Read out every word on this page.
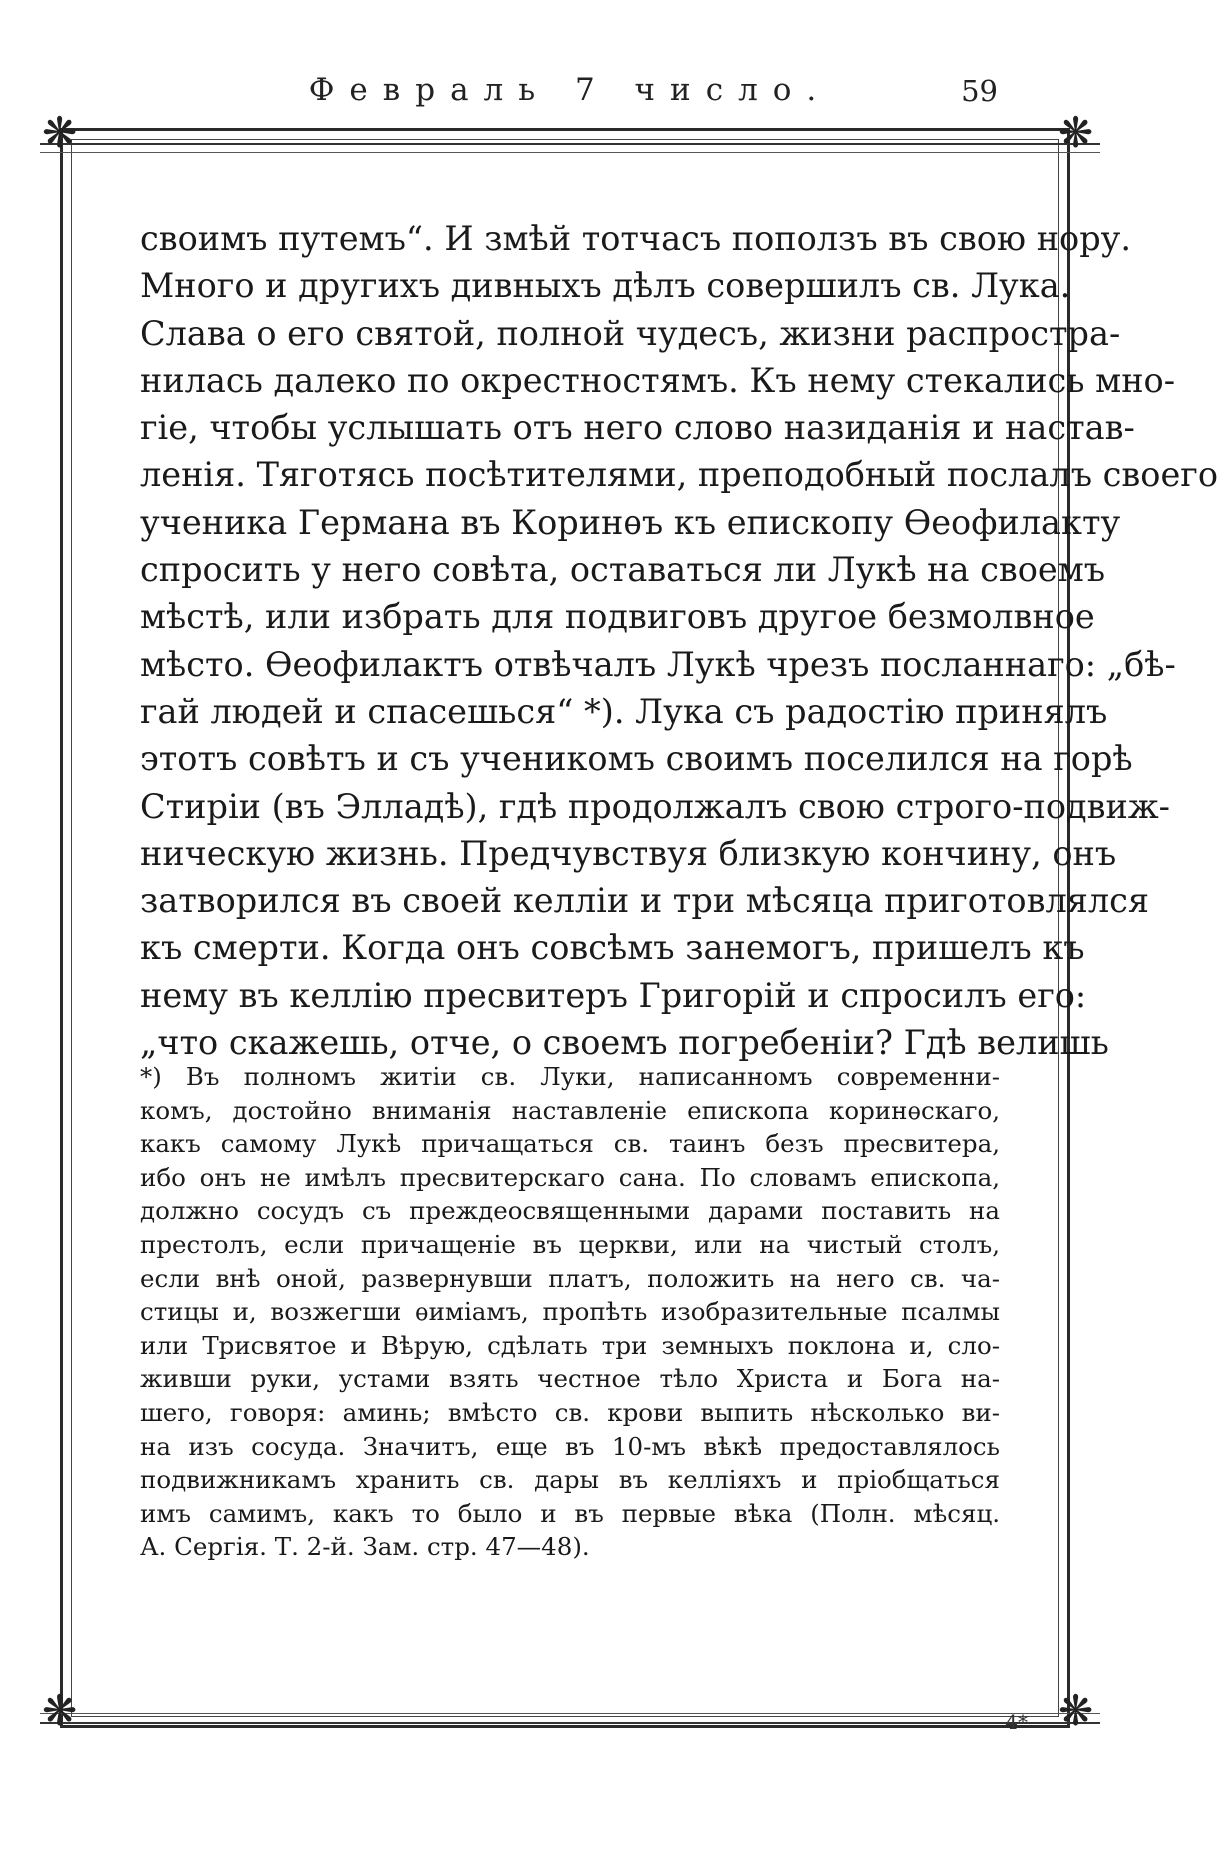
Февраль 7 число.	59
❋	❋
❋	❋
своимъ путемъ“. И змѣй тотчасъ поползъ въ свою нору.
Много и другихъ дивныхъ дѣлъ совершилъ св. Лука.
Слава о его святой, полной чудесъ, жизни распростра-
нилась далеко по окрестностямъ. Къ нему стекались мно-
гіе, чтобы услышать отъ него слово назиданія и настав-
ленія. Тяготясь посѣтителями, преподобный послалъ своего
ученика Германа въ Коринѳъ къ епископу Ѳеофилакту
спросить у него совѣта, оставаться ли Лукѣ на своемъ
мѣстѣ, или избрать для подвиговъ другое безмолвное
мѣсто. Ѳеофилактъ отвѣчалъ Лукѣ чрезъ посланнаго: „бѣ-
гай людей и спасешься“ *). Лука съ радостію принялъ
этотъ совѣтъ и съ ученикомъ своимъ поселился на горѣ
Стиріи (въ Элладѣ), гдѣ продолжалъ свою строго-подвиж-
ническую жизнь. Предчувствуя близкую кончину, онъ
затворился въ своей келліи и три мѣсяца приготовлялся
къ смерти. Когда онъ совсѣмъ занемогъ, пришелъ къ
нему въ келлію пресвитеръ Григорій и спросилъ его:
„что скажешь, отче, о своемъ погребеніи? Гдѣ велишь
*) Въ полномъ житіи св. Луки, написанномъ современни-
комъ, достойно вниманія наставленіе епископа коринѳскаго,
какъ самому Лукѣ причащаться св. таинъ безъ пресвитера,
ибо онъ не имѣлъ пресвитерскаго сана. По словамъ епископа,
должно сосудъ съ преждеосвященными дарами поставить на
престолъ, если причащеніе въ церкви, или на чистый столъ,
если внѣ оной, развернувши платъ, положить на него св. ча-
стицы и, возжегши ѳиміамъ, пропѣть изобразительные псалмы
или Трисвятое и Вѣрую, сдѣлать три земныхъ поклона и, сло-
живши руки, устами взять честное тѣло Христа и Бога на-
шего, говоря: аминь; вмѣсто св. крови выпить нѣсколько ви-
на изъ сосуда. Значитъ, еще въ 10-мъ вѣкѣ предоставлялось
подвижникамъ хранить св. дары въ келліяхъ и пріобщаться
имъ самимъ, какъ то было и въ первые вѣка (Полн. мѣсяц.
А. Сергія. Т. 2-й. Зам. стр. 47—48).
4*
